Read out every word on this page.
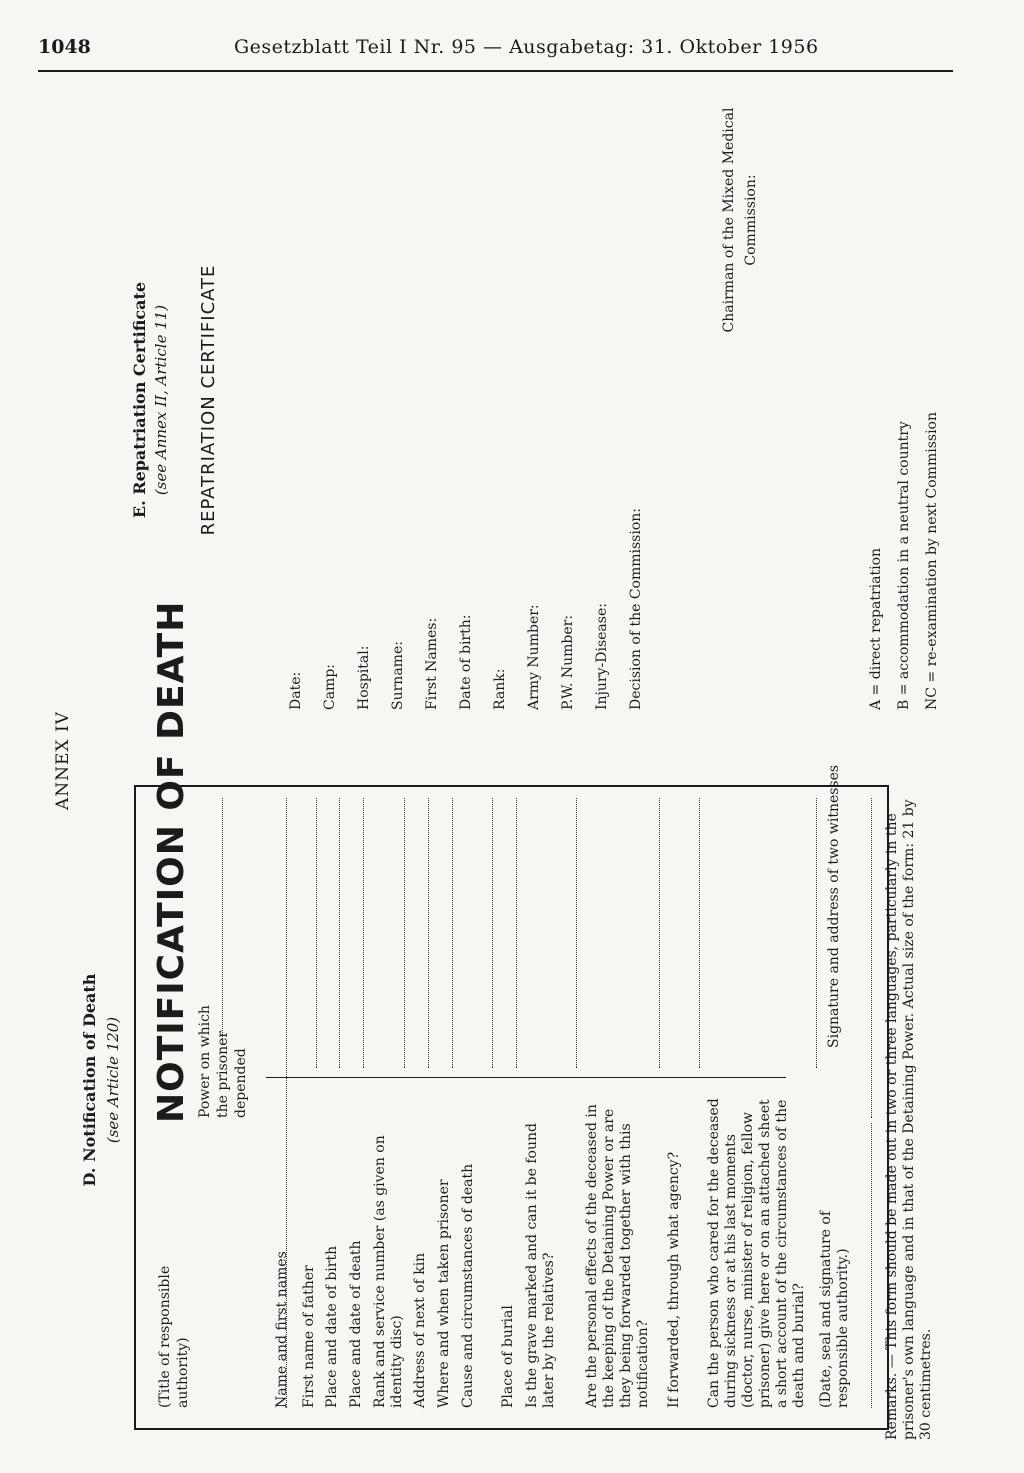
1048	Gesetzblatt Teil I Nr. 95 — Ausgabetag: 31. Oktober 1956
ANNEX IV
D. Notification of Death (see Article 120)
(Title of responsible authority)
NOTIFICATION OF DEATH Power on which the prisoner depended
Name and first names First name of father Place and date of birth Place and date of death Rank and service number (as given on identity disc) Address of next of kin Where and when taken prisoner Cause and circumstances of death Place of burial Is the grave marked and can it be found later by the relatives? Are the personal effects of the deceased in the keeping of the Detaining Power or are they being forwarded together with this notification? If forwarded, through what agency? Can the person who cared for the deceased during sickness or at his last moments (doctor, nurse, minister of religion, fellow prisoner) give here or on an attached sheet a short account of the circumstances of the death and burial? (Date, seal and signature of responsible authority.)
Signature and address of two witnesses	Remarks. — This form should be made out in two or three languages, particularly in the prisoner's own language and in that of the Detaining Power. Actual size of the form: 21 by 30 centimetres.
E. Repatriation Certificate (see Annex II, Article 11) REPATRIATION CERTIFICATE
Date: Camp: Hospital: Surname: First Names: Date of birth: Rank: Army Number: P.W. Number: Injury-Disease: Decision of the Commission:
Chairman of the Mixed Medical Commission:
A = direct repatriation B = accommodation in a neutral country NC = re-examination by next Commission
